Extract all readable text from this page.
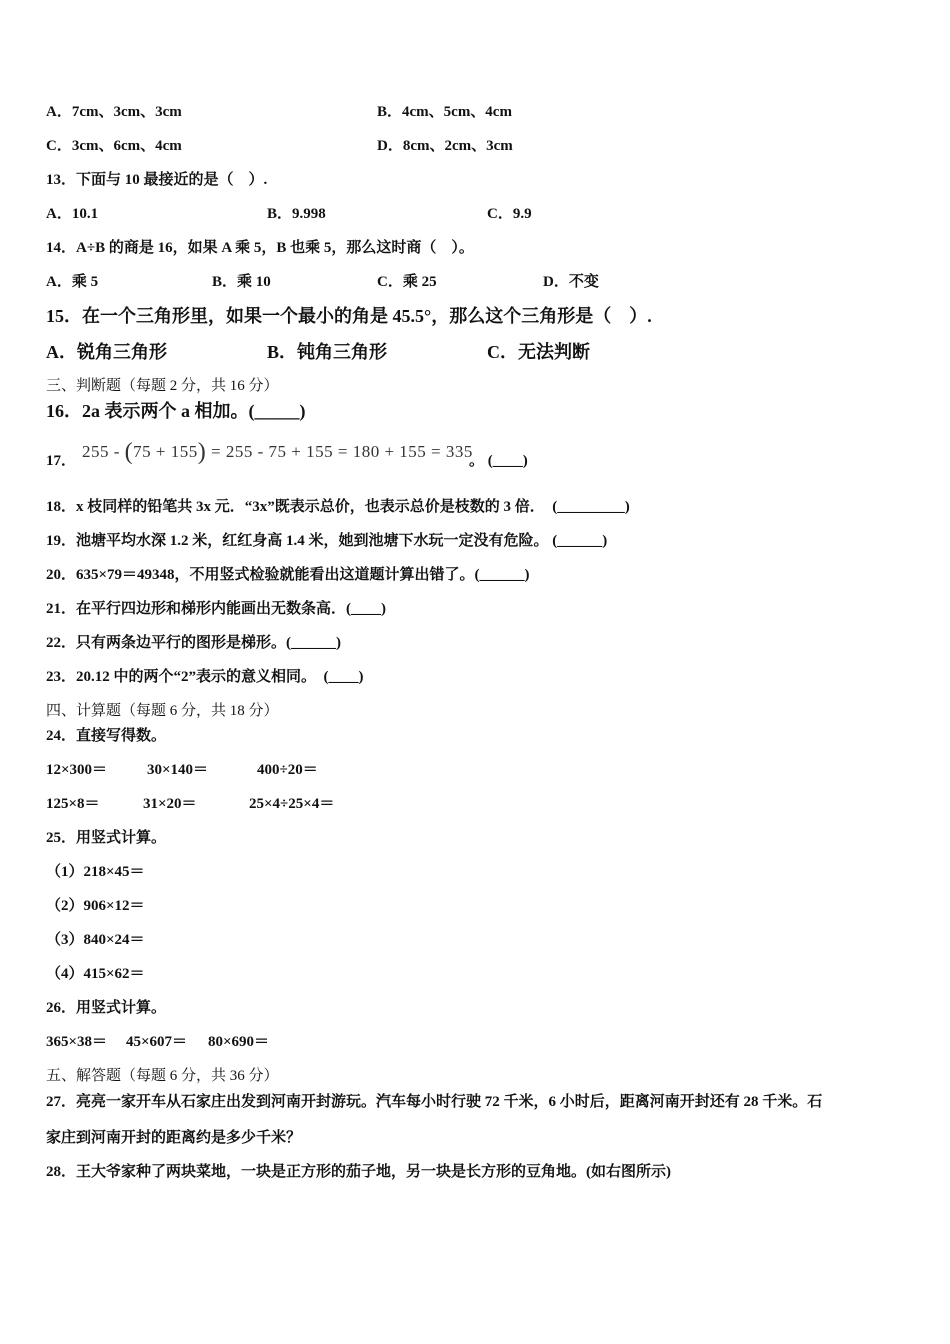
A．7cm、3cm、3cm	B．4cm、5cm、4cm
C．3cm、6cm、4cm	D．8cm、2cm、3cm
13．下面与 10 最接近的是（　）.
A．10.1	B．9.998	C．9.9
14．A÷B 的商是 16，如果 A 乘 5，B 也乘 5，那么这时商（　）。
A．乘 5	B．乘 10	C．乘 25	D．不变
15．在一个三角形里，如果一个最小的角是 45.5°，那么这个三角形是（　）.
A．锐角三角形	B．钝角三角形	C．无法判断
三、判断题（每题 2 分，共 16 分）
16．2a 表示两个 a 相加。(_____)
17． 255 - (75 + 155) = 255 - 75 + 155 = 180 + 155 = 335
。 (____)
18．x 枝同样的铅笔共 3x 元．“3x”既表示总价，也表示总价是枝数的 3 倍．　(_________)
19．池塘平均水深 1.2 米，红红身高 1.4 米，她到池塘下水玩一定没有危险。 (______)
20．635×79＝49348，不用竖式检验就能看出这道题计算出错了。(______)
21．在平行四边形和梯形内能画出无数条高．(____)
22．只有两条边平行的图形是梯形。(______)
23．20.12 中的两个“2”表示的意义相同。　(____)
四、计算题（每题 6 分，共 18 分）
24．直接写得数。
12×300＝	30×140＝	400÷20＝
125×8＝	31×20＝	25×4÷25×4＝
25．用竖式计算。
（1）218×45＝
（2）906×12＝
（3）840×24＝
（4）415×62＝
26．用竖式计算。
365×38＝ 45×607＝ 80×690＝
五、解答题（每题 6 分，共 36 分）
27．亮亮一家开车从石家庄出发到河南开封游玩。汽车每小时行驶 72 千米，6 小时后，距离河南开封还有 28 千米。石
家庄到河南开封的距离约是多少千米？
28．王大爷家种了两块菜地，一块是正方形的茄子地，另一块是长方形的豆角地。(如右图所示)
